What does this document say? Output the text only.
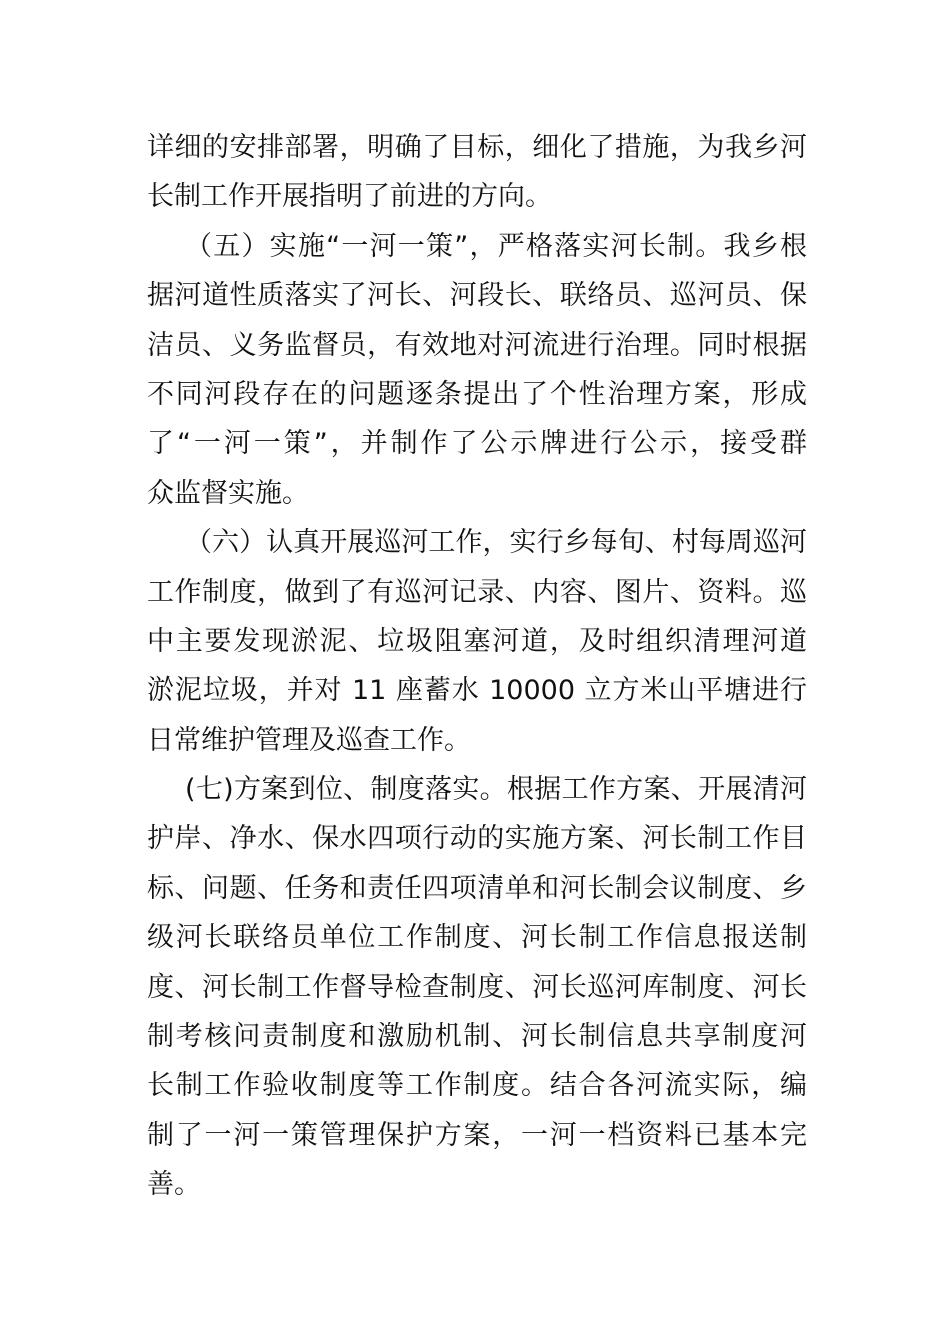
详细的安排部署，明确了目标，细化了措施，为我乡河
长制工作开展指明了前进的方向。
（五）实施“一河一策”，严格落实河长制。我乡根
据河道性质落实了河长、河段长、联络员、巡河员、保
洁员、义务监督员，有效地对河流进行治理。同时根据
不同河段存在的问题逐条提出了个性治理方案，形成
了“一河一策”，并制作了公示牌进行公示，接受群
众监督实施。
（六）认真开展巡河工作，实行乡每旬、村每周巡河
工作制度，做到了有巡河记录、内容、图片、资料。巡
中主要发现淤泥、垃圾阻塞河道，及时组织清理河道
淤泥垃圾，并对 11 座蓄水 10000 立方米山平塘进行
日常维护管理及巡查工作。
(七)方案到位、制度落实。根据工作方案、开展清河
护岸、净水、保水四项行动的实施方案、河长制工作目
标、问题、任务和责任四项清单和河长制会议制度、乡
级河长联络员单位工作制度、河长制工作信息报送制
度、河长制工作督导检查制度、河长巡河库制度、河长
制考核问责制度和激励机制、河长制信息共享制度河
长制工作验收制度等工作制度。结合各河流实际，编
制了一河一策管理保护方案，一河一档资料已基本完
善。
